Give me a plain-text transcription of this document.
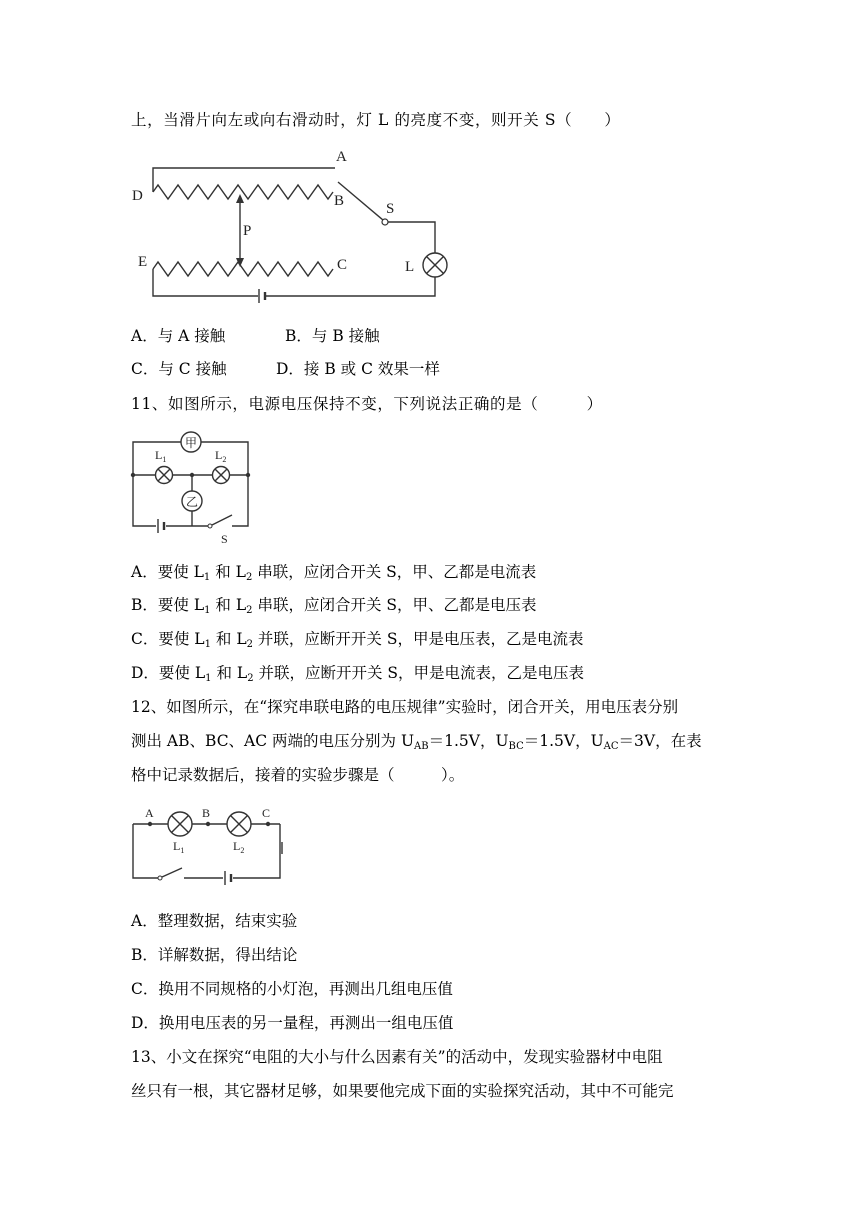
上，当滑片向左或向右滑动时，灯 L 的亮度不变，则开关 S（　　）
A
D	B
P
S
E	C	L
A．与 A 接触	B．与 B 接触
C．与 C 接触	D．接 B 或 C 效果一样
11、如图所示，电源电压保持不变，下列说法正确的是（　　　）
甲
乙
$L_1$	$L_2$
S
A．要使 $L_1$ 和 $L_2$ 串联，应闭合开关 S，甲、乙都是电流表
B．要使 $L_1$ 和 $L_2$ 串联，应闭合开关 S，甲、乙都是电压表
C．要使 $L_1$ 和 $L_2$ 并联，应断开开关 S，甲是电压表，乙是电流表
D．要使 $L_1$ 和 $L_2$ 并联，应断开开关 S，甲是电流表，乙是电压表
12、如图所示，在“探究串联电路的电压规律”实验时，闭合开关，用电压表分别
测出 AB、BC、AC 两端的电压分别为 $U_{AB}=1.5V$，$U_{BC}=1.5V$，$U_{AC}=3V$，在表
格中记录数据后，接着的实验步骤是（　　　）。
A	B	C
$L_1$	$L_2$
A．整理数据，结束实验
B．详解数据，得出结论
C．换用不同规格的小灯泡，再测出几组电压值
D．换用电压表的另一量程，再测出一组电压值
13、小文在探究“电阻的大小与什么因素有关”的活动中，发现实验器材中电阻
丝只有一根，其它器材足够，如果要他完成下面的实验探究活动，其中不可能完
